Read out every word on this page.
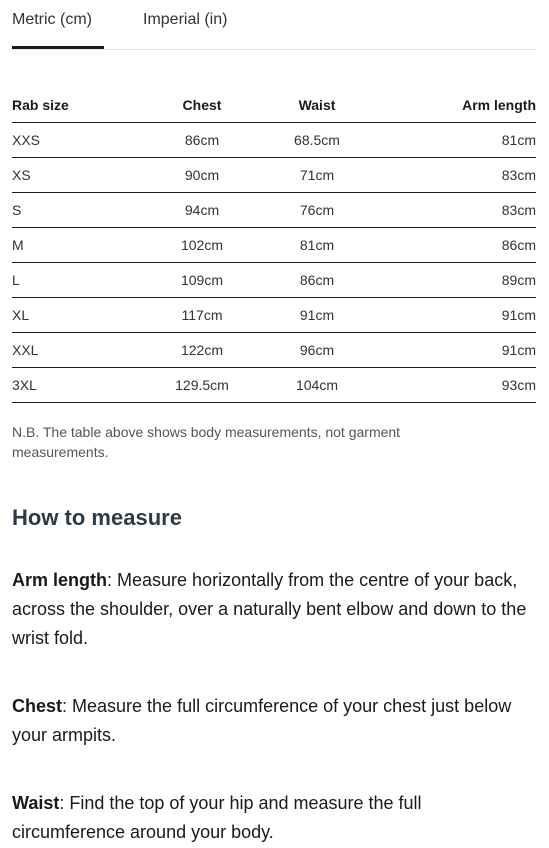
Metric (cm)	Imperial (in)
Rab size	Chest	Waist	Arm length
XXS	86cm	68.5cm	81cm
XS	90cm	71cm	83cm
S	94cm	76cm	83cm
M	102cm	81cm	86cm
L	109cm	86cm	89cm
XL	117cm	91cm	91cm
XXL	122cm	96cm	91cm
3XL	129.5cm	104cm	93cm
N.B. The table above shows body measurements, not garment measurements.
How to measure

Arm length: Measure horizontally from the centre of your back, across the shoulder, over a naturally bent elbow and down to the wrist fold.

Chest: Measure the full circumference of your chest just below your armpits.

Waist: Find the top of your hip and measure the full circumference around your body.
